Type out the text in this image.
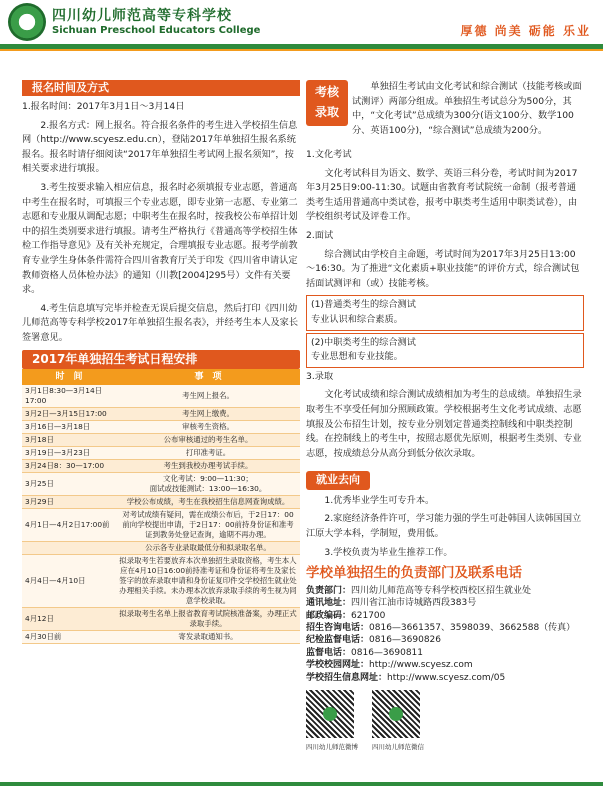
四川幼儿师范高等专科学校
Sichuan Preschool Educators College	厚德 尚美 砺能 乐业
报名时间及方式

1.报名时间：2017年3月1日～3月14日

2.报名方式：网上报名。符合报名条件的考生进入学校招生信息网（http://www.scyesz.edu.cn），登陆2017年单独招生报名系统报名。报名时请仔细阅读“2017年单独招生考试网上报名须知”，按相关要求进行填报。

3.考生按要求输入相应信息，报名时必须填报专业志愿，普通高中考生在报名时，可填报三个专业志愿，即专业第一志愿、专业第二志愿和专业服从调配志愿；中职考生在报名时，按我校公布单招计划中的招生类别要求进行填报。请考生严格执行《普通高等学校招生体检工作指导意见》及有关补充规定，合理填报专业志愿。报考学前教育专业学生身体条件需符合四川省教育厅关于印发《四川省申请认定教师资格人员体检办法》的通知（川教[2004]295号）文件有关要求。

4.考生信息填写完毕并检查无误后提交信息，然后打印《四川幼儿师范高等专科学校2017年单独招生报名表》，并经考生本人及家长签署意见。

2017年单独招生考试日程安排
时　间	事　项
3月1日8:30—3月14日17:00	考生网上报名。
3月2日—3月15日17:00	考生网上缴费。
3月16日—3月18日	审核考生资格。
3月18日	公布审核通过的考生名单。
3月19日—3月23日	打印准考证。
3月24日8：30—17:00	考生到我校办理考试手续。
3月25日	文化考试：9:00—11:30；
面试或技能测试：13:00—16:30。
3月29日	学校公布成绩，考生在我校招生信息网查询成绩。
4月1日—4月2日17:00前	对考试成绩有疑问，需在成绩公布后，于2日17：00前向学校提出申请，于2日17：00前持身份证和准考证到教务处登记查询，逾期不再办理。
	公示各专业录取最低分和拟录取名单。
4月4日—4月10日	拟录取考生若要放弃本次单独招生录取资格，考生本人应在4月10日16:00前持准考证和身份证将考生及家长签字的放弃录取申请和身份证复印件交学校招生就业处办理相关手续。未办理本次放弃录取手续的考生视为同意学校录取。
4月12日	拟录取考生名单上报省教育考试院核准备案，办理正式录取手续。
4月30日前	寄发录取通知书。
考核录取
单独招生考试由文化考试和综合测试（技能考核或面试测评）两部分组成。单独招生考试总分为500分，其中，“文化考试”总成绩为300分(语文100分、数学100分、英语100分)，“综合测试”总成绩为200分。

1.文化考试

文化考试科目为语文、数学、英语三科分卷，考试时间为2017年3月25日9:00-11:30。试题由省教育考试院统一命制（报考普通类考生适用普通高中类试卷，报考中职类考生适用中职类试卷），由学校组织考试及评卷工作。

2.面试

综合测试由学校自主命题，考试时间为2017年3月25日13:00～16:30。为了推进“文化素质+职业技能”的评价方式，综合测试包括面试测评和（或）技能考核。

(1)普通类考生的综合测试
专业认识和综合素质。
(2)中职类考生的综合测试
专业思想和专业技能。

3.录取

文化考试成绩和综合测试成绩相加为考生的总成绩。单独招生录取考生不享受任何加分照顾政策。学校根据考生文化考试成绩、志愿填报及公布招生计划，按专业分别划定普通类控制线和中职类控制线。在控制线上的考生中，按照志愿优先原则，根据考生类别、专业志愿，按成绩总分从高分到低分依次录取。

就业去向

1.优秀毕业学生可专升本。

2.家庭经济条件许可，学习能力强的学生可赴韩国人读韩国国立江原大学本科，学制短，费用低。

3.学校负责为毕业生推荐工作。

学校单独招生的负责部门及联系电话
负责部门：四川幼儿师范高等专科学校西校区招生就业处
通讯地址：四川省江油市诗城路西段383号
邮政编码：621700
招生咨询电话：0816—3661357、3598039、3662588（传真）
纪检监督电话：0816—3690826
监督电话：0816—3690811
学校校园网址：http://www.scyesz.com
学校招生信息网址：http://www.scyesz.com/05
四川幼儿师范微博 四川幼儿师范微信
